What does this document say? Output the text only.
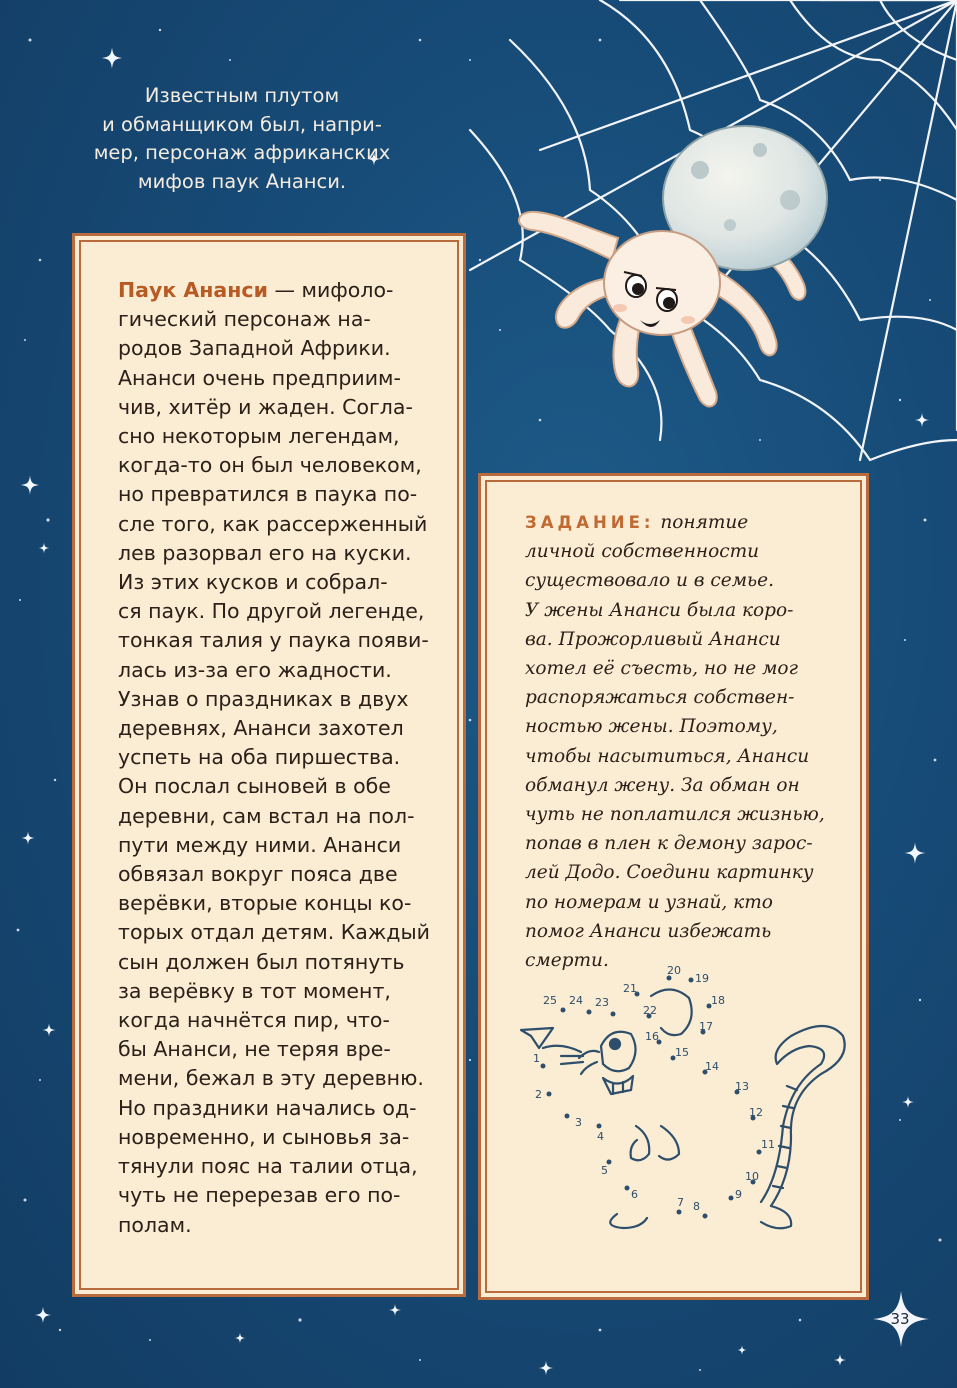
Известным плутом
и обманщиком был, напри-
мер, персонаж африканских
мифов паук Ананси.

Паук Ананси — мифоло-
гический персонаж на-
родов Западной Африки.
Ананси очень предприим-
чив, хитёр и жаден. Согла-
сно некоторым легендам,
когда-то он был человеком,
но превратился в паука по-
сле того, как рассерженный
лев разорвал его на куски.
Из этих кусков и собрал-
ся паук. По другой легенде,
тонкая талия у паука появи-
лась из-за его жадности.
Узнав о праздниках в двух
деревнях, Ананси захотел
успеть на оба пиршества.
Он послал сыновей в обе
деревни, сам встал на пол-
пути между ними. Ананси
обвязал вокруг пояса две
верёвки, вторые концы ко-
торых отдал детям. Каждый
сын должен был потянуть
за верёвку в тот момент,
когда начнётся пир, что-
бы Ананси, не теряя вре-
мени, бежал в эту деревню.
Но праздники начались од-
новременно, и сыновья за-
тянули пояс на талии отца,
чуть не перерезав его по-
полам.

ЗАДАНИЕ: понятие
личной собственности
существовало и в семье.
У жены Ананси была коро-
ва. Прожорливый Ананси
хотел её съесть, но не мог
распоряжаться собствен-
ностью жены. Поэтому,
чтобы насытиться, Ананси
обманул жену. За обман он
чуть не поплатился жизнью,
попав в плен к демону зарос-
лей Додо. Соедини картинку
по номерам и узнай, кто
помог Ананси избежать
смерти.

1
2
3
4
5
6
7 8
9
10
11
12
13
14
15
16
17
18
19
20
21
22
23
24
25
33
